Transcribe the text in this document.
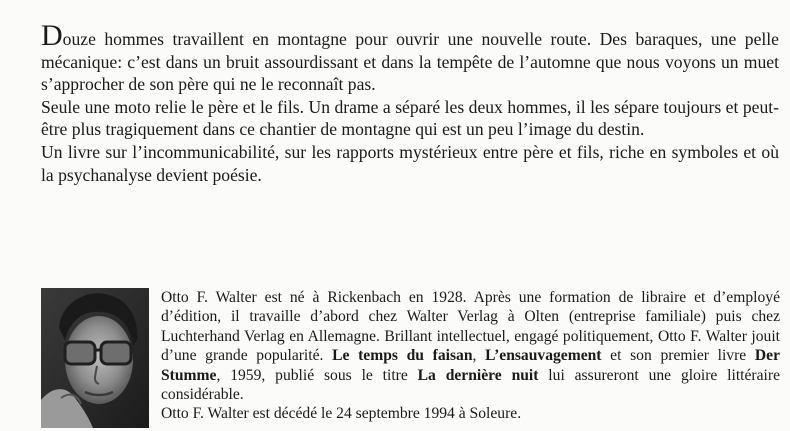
Douze hommes travaillent en montagne pour ouvrir une nouvelle route. Des baraques, une pelle mécanique: c’est dans un bruit assourdissant et dans la tempête de l’automne que nous voyons un muet s’approcher de son père qui ne le reconnaît pas.

Seule une moto relie le père et le fils. Un drame a séparé les deux hommes, il les sépare toujours et peut-être plus tragiquement dans ce chantier de montagne qui est un peu l’image du destin.

Un livre sur l’incommunicabilité, sur les rapports mystérieux entre père et fils, riche en symboles et où la psychanalyse devient poésie.

Otto F. Walter est né à Rickenbach en 1928. Après une formation de libraire et d’employé d’édition, il travaille d’abord chez Walter Verlag à Olten (entreprise familiale) puis chez Luchterhand Verlag en Allemagne. Brillant intellectuel, engagé politiquement, Otto F. Walter jouit d’une grande popularité. Le temps du faisan, L’ensauvagement et son premier livre Der Stumme, 1959, publié sous le titre La dernière nuit lui assureront une gloire littéraire considérable.

Otto F. Walter est décédé le 24 septembre 1994 à Soleure.
